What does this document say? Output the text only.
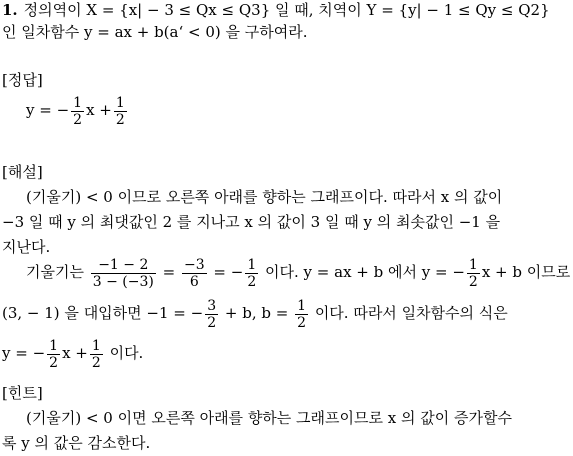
1. 정의역이 X = {x| − 3 ≤ Qx ≤ Q3} 일 때, 치역이 Y = {y| − 1 ≤ Qy ≤ Q2}
인 일차함수 y = ax + b(a‘ < 0) 을 구하여라.
[정답]
y = − $\frac{1}{2}$ $x + \frac{1}{2}$
[해설]
(기울기) < 0 이므로 오른쪽 아래를 향하는 그래프이다. 따라서 x 의 값이
−3 일 때 y 의 최댓값인 2 를 지나고 x 의 값이 3 일 때 y 의 최솟값인 −1 을
지난다.
기울기는 $\frac{-1 - 2}{3 - (-3)} = \frac{-3}{6}$ = − $\frac{1}{2}$ 이다. y = ax + b 에서 y = − $\frac{1}{2}$ x + b 이므로
(3, − 1) 을 대입하면 −1 = − $\frac{3}{2} + b$, $b = \frac{1}{2}$ 이다. 따라서 일차함수의 식은
y = − $\frac{1}{2}$ $x + \frac{1}{2}$ 이다.
[힌트]
(기울기) < 0 이면 오른쪽 아래를 향하는 그래프이므로 x 의 값이 증가할수
록 y 의 값은 감소한다.
